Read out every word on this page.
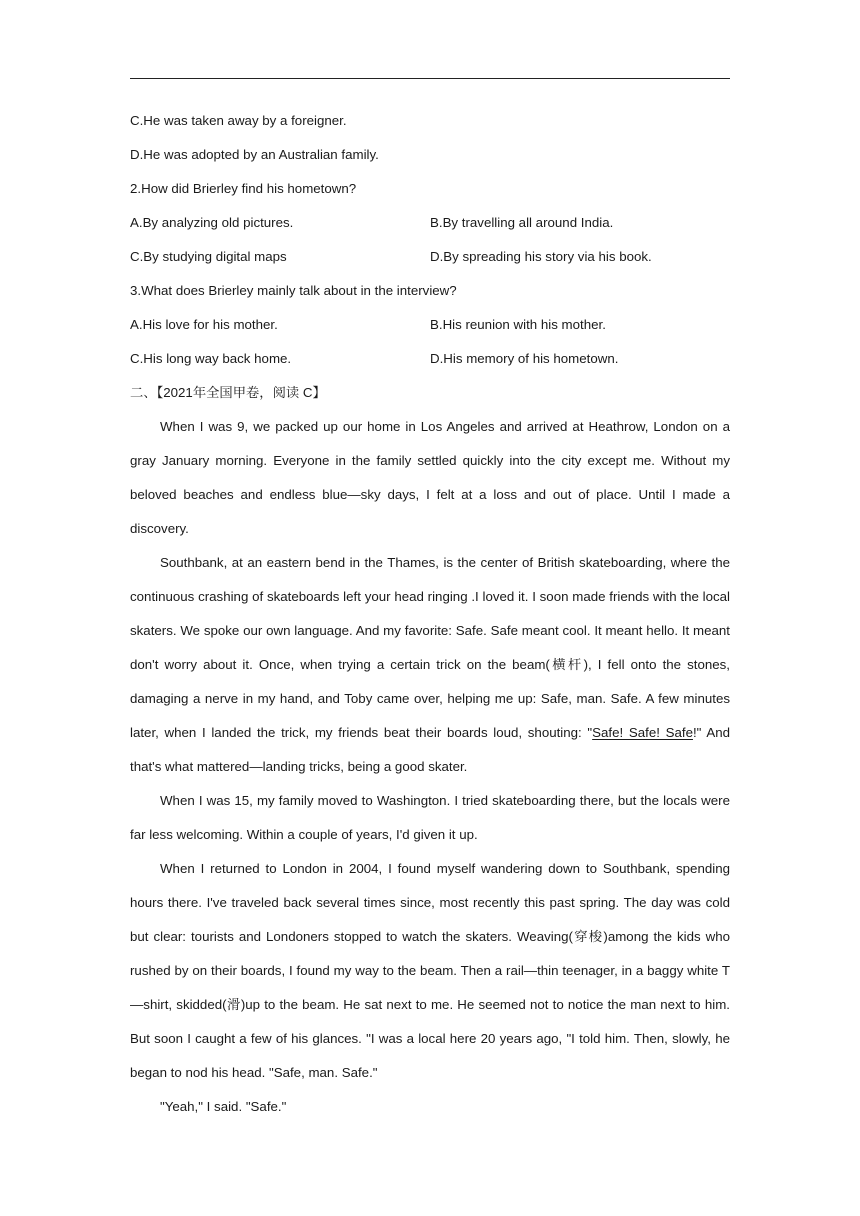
C.He was taken away by a foreigner.

D.He was adopted by an Australian family.

2.How did Brierley find his hometown?

A.By analyzing old pictures.	B.By travelling all around India.
C.By studying digital maps	D.By spreading his story via his book.

3.What does Brierley mainly talk about in the interview?

A.His love for his mother.	B.His reunion with his mother.
C.His long way back home.	D.His memory of his hometown.

二、【2021年全国甲卷，阅读 C】

When I was 9, we packed up our home in Los Angeles and arrived at Heathrow, London on a gray January morning. Everyone in the family settled quickly into the city except me. Without my beloved beaches and endless blue—sky days, I felt at a loss and out of place. Until I made a discovery.

Southbank, at an eastern bend in the Thames, is the center of British skateboarding, where the continuous crashing of skateboards left your head ringing .I loved it. I soon made friends with the local skaters. We spoke our own language. And my favorite: Safe. Safe meant cool. It meant hello. It meant don't worry about it. Once, when trying a certain trick on the beam(横杆), I fell onto the stones, damaging a nerve in my hand, and Toby came over, helping me up: Safe, man. Safe. A few minutes later, when I landed the trick, my friends beat their boards loud, shouting: "Safe! Safe! Safe!" And that's what mattered—landing tricks, being a good skater.

When I was 15, my family moved to Washington. I tried skateboarding there, but the locals were far less welcoming. Within a couple of years, I'd given it up.

When I returned to London in 2004, I found myself wandering down to Southbank, spending hours there. I've traveled back several times since, most recently this past spring. The day was cold but clear: tourists and Londoners stopped to watch the skaters. Weaving(穿梭)among the kids who rushed by on their boards, I found my way to the beam. Then a rail—thin teenager, in a baggy white T—shirt, skidded(滑)up to the beam. He sat next to me. He seemed not to notice the man next to him. But soon I caught a few of his glances. "I was a local here 20 years ago, "I told him. Then, slowly, he began to nod his head. "Safe, man. Safe."

"Yeah," I said. "Safe."
